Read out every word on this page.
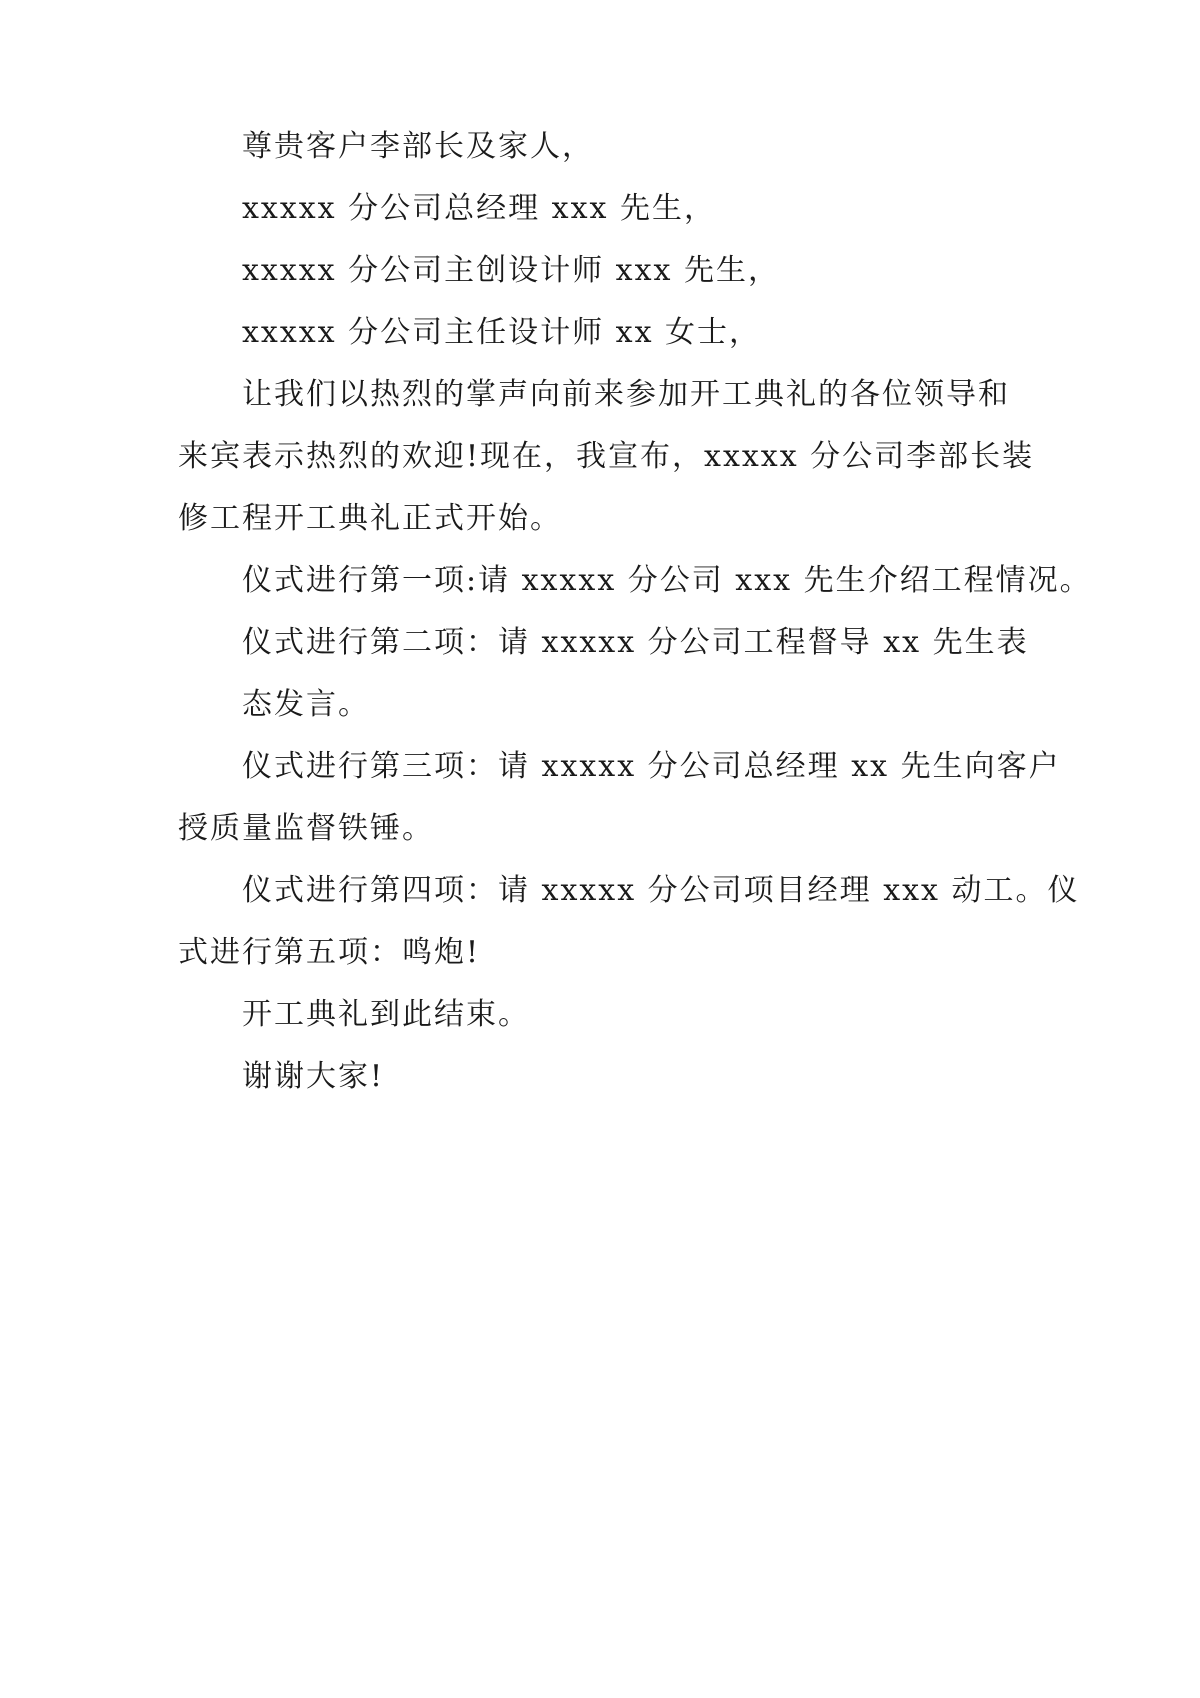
尊贵客户李部长及家人，

xxxxx 分公司总经理 xxx 先生，

xxxxx 分公司主创设计师 xxx 先生，

xxxxx 分公司主任设计师 xx 女士，

让我们以热烈的掌声向前来参加开工典礼的各位领导和

来宾表示热烈的欢迎!现在，我宣布，xxxxx 分公司李部长装

修工程开工典礼正式开始。

仪式进行第一项:请 xxxxx 分公司 xxx 先生介绍工程情况。

仪式进行第二项：请 xxxxx 分公司工程督导 xx 先生表

态发言。

仪式进行第三项：请 xxxxx 分公司总经理 xx 先生向客户

授质量监督铁锤。

仪式进行第四项：请 xxxxx 分公司项目经理 xxx 动工。仪

式进行第五项：鸣炮!

开工典礼到此结束。

谢谢大家!
